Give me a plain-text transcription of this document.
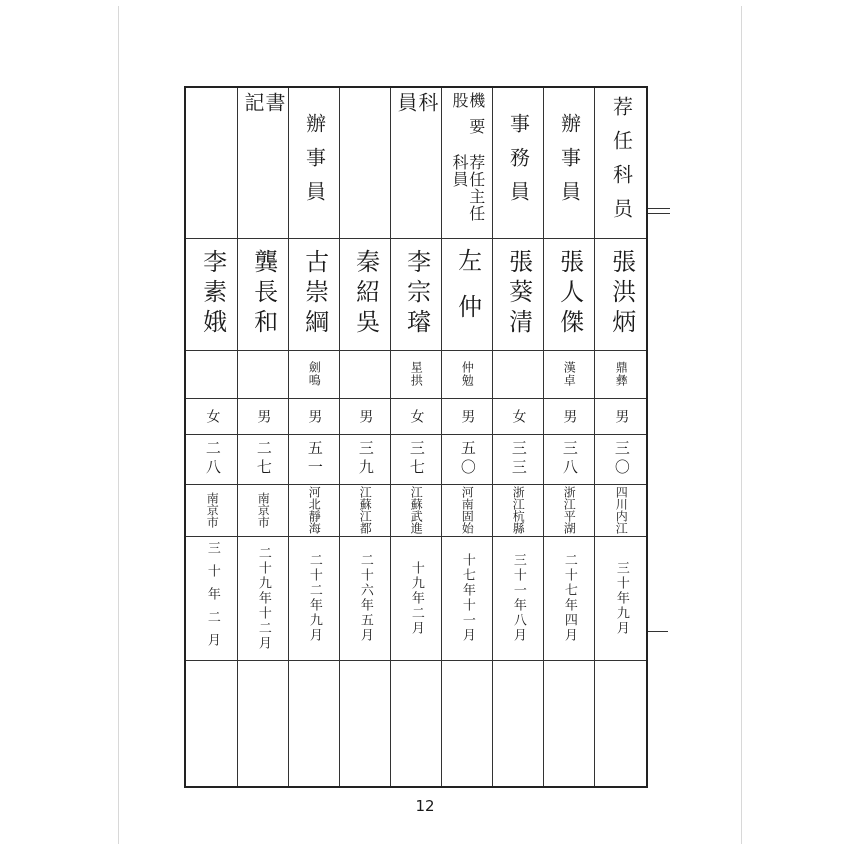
荐任科员
張洪炳
鼎彝
男
三〇
四川内江
三十年九月
辦事員
張人傑
漢卓
男
三八
浙江平湖
二十七年四月
事務員
張葵清
女
三三
浙江杭縣
三十一年八月
機要股
荐任主任科員
左仲
仲勉
男
五〇
河南固始
十七年十一月
科員
李宗璿
星拱
女
三七
江蘇武進
十九年二月
秦紹吳
男
三九
江蘇江都
二十六年五月
辦事員
古崇綱
劍鳴
男
五一
河北靜海
二十二年九月
書記
龔長和
男
二七
南京市
二十九年十二月
李素娥
女
二八
南京市
三十年二月
12
